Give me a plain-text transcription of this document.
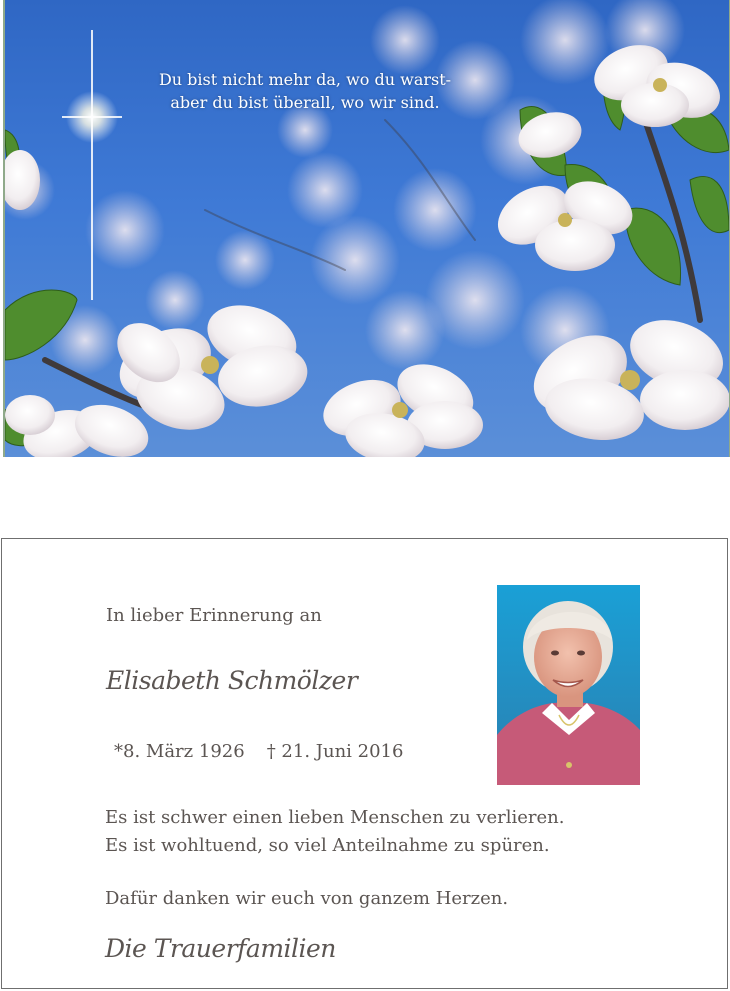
Du bist nicht mehr da, wo du warst-
aber du bist überall, wo wir sind.
In lieber Erinnerung an
Elisabeth Schmölzer
*8. März 1926 † 21. Juni 2016
Es ist schwer einen lieben Menschen zu verlieren.
Es ist wohltuend, so viel Anteilnahme zu spüren.
Dafür danken wir euch von ganzem Herzen.
Die Trauerfamilien
